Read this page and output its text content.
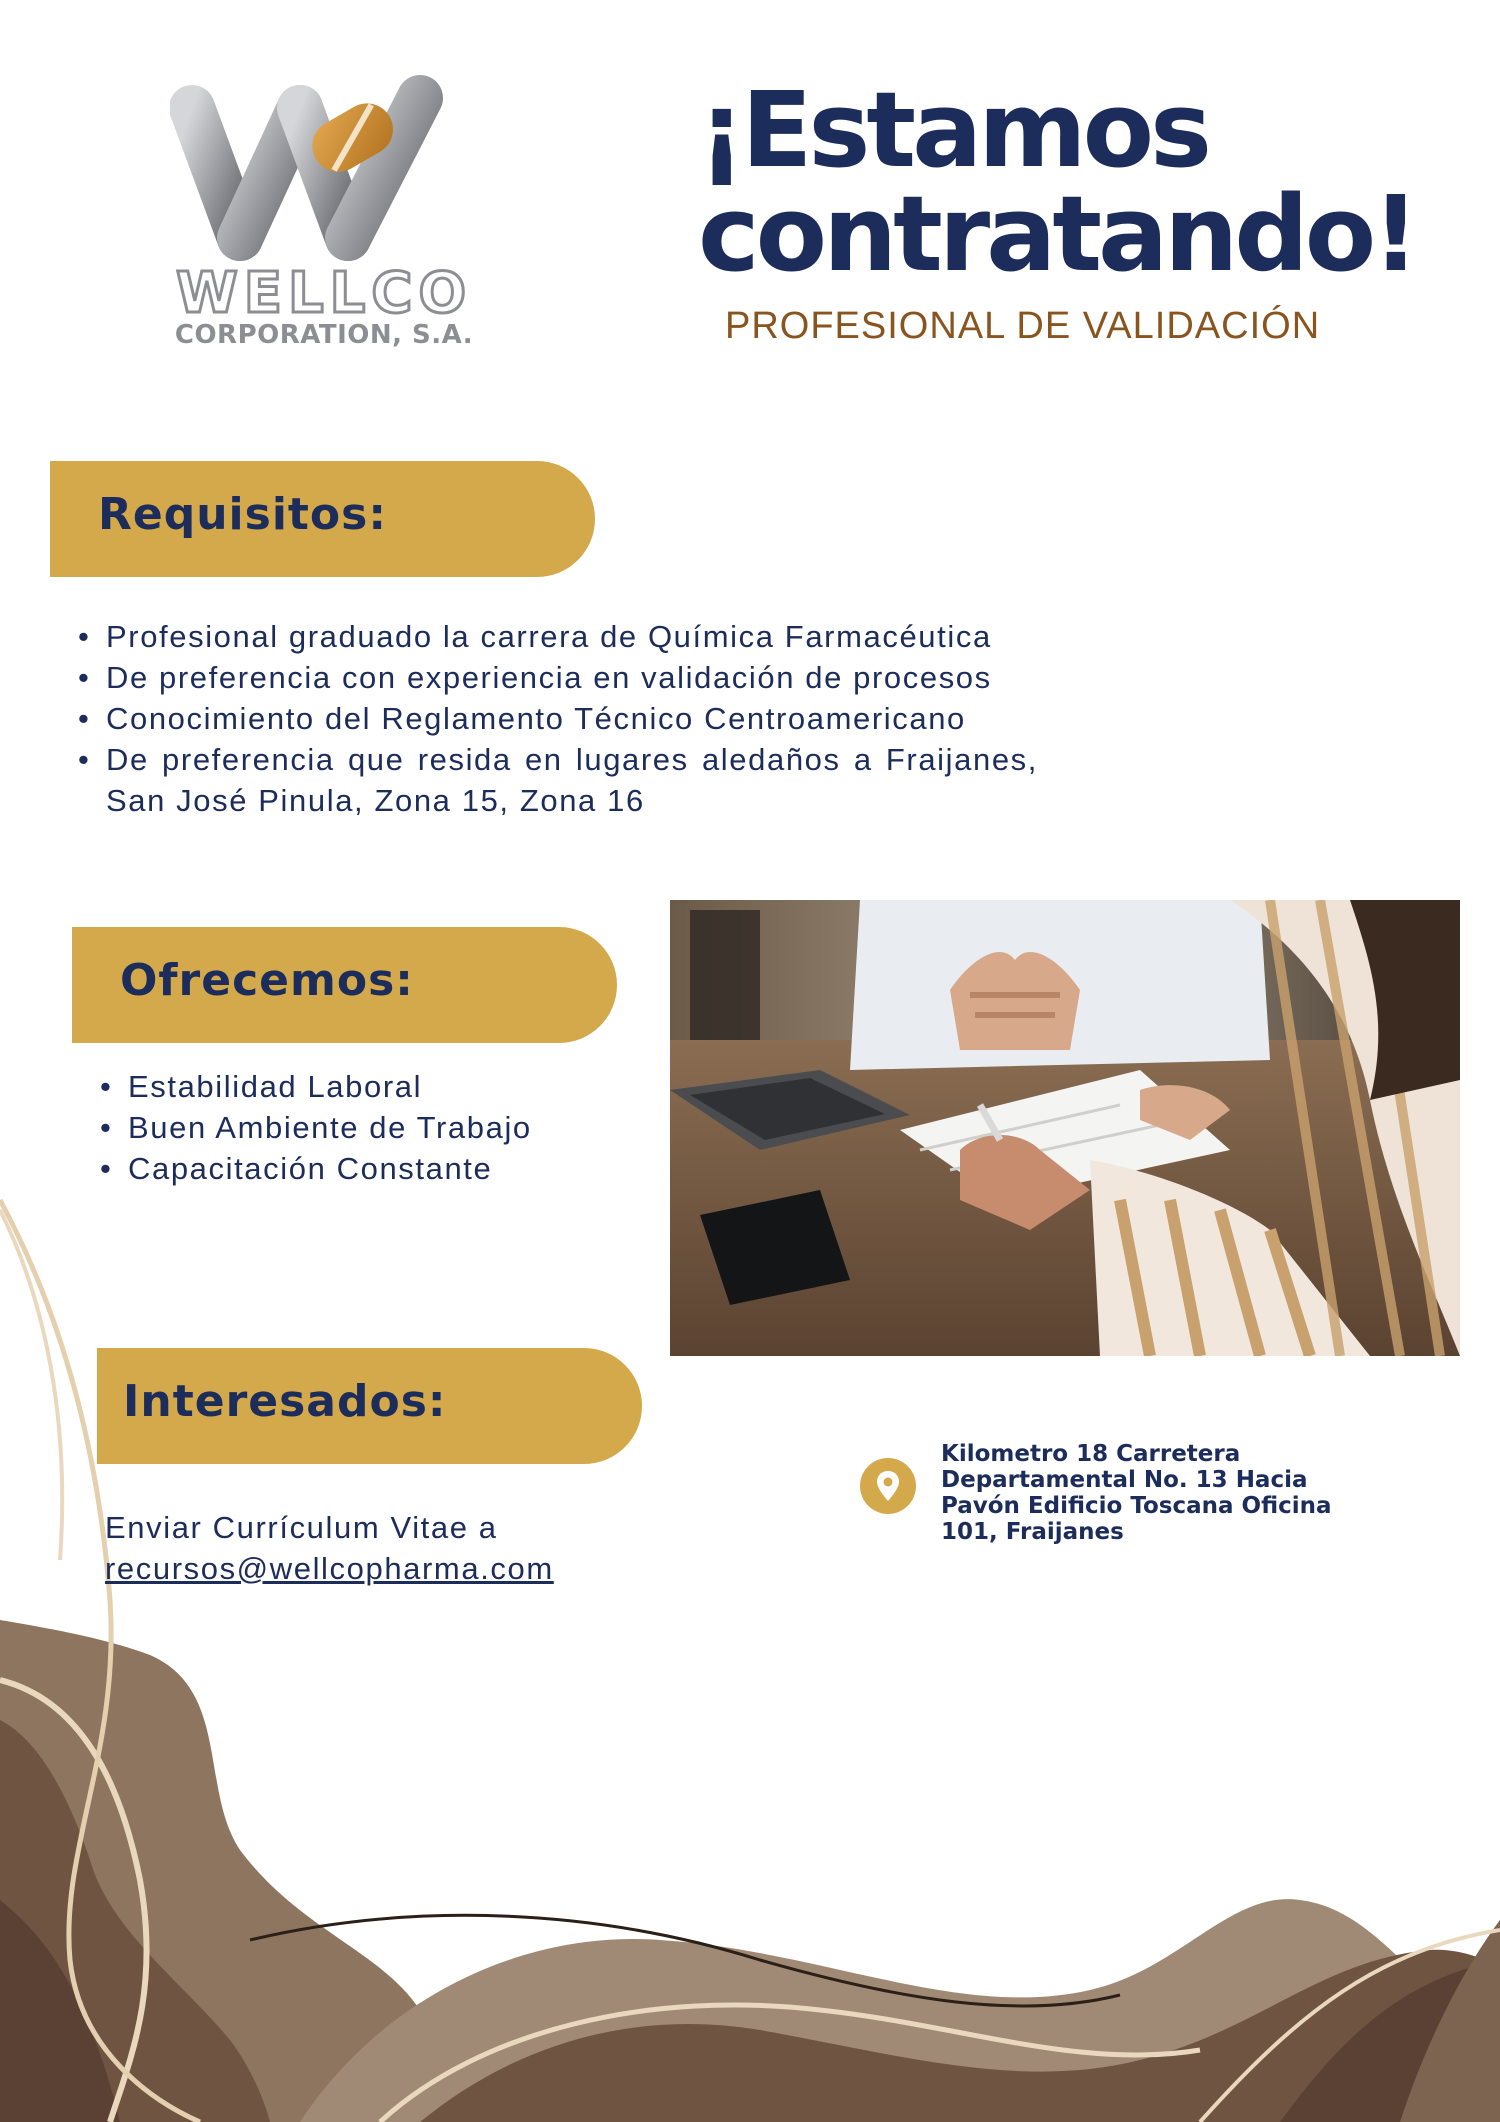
WELLCO
CORPORATION, S.A.
¡Estamos
contratando!
PROFESIONAL DE VALIDACIÓN
Requisitos:
• Profesional graduado la carrera de Química Farmacéutica
• De preferencia con experiencia en validación de procesos
• Conocimiento del Reglamento Técnico Centroamericano
• De preferencia que resida en lugares aledaños a Fraijanes, San José Pinula, Zona 15, Zona 16
Ofrecemos:
• Estabilidad Laboral
• Buen Ambiente de Trabajo
• Capacitación Constante
Interesados:
Enviar Currículum Vitae a
recursos@wellcopharma.com
Kilometro 18 Carretera Departamental No. 13 Hacia Pavón Edificio Toscana Oficina 101, Fraijanes
